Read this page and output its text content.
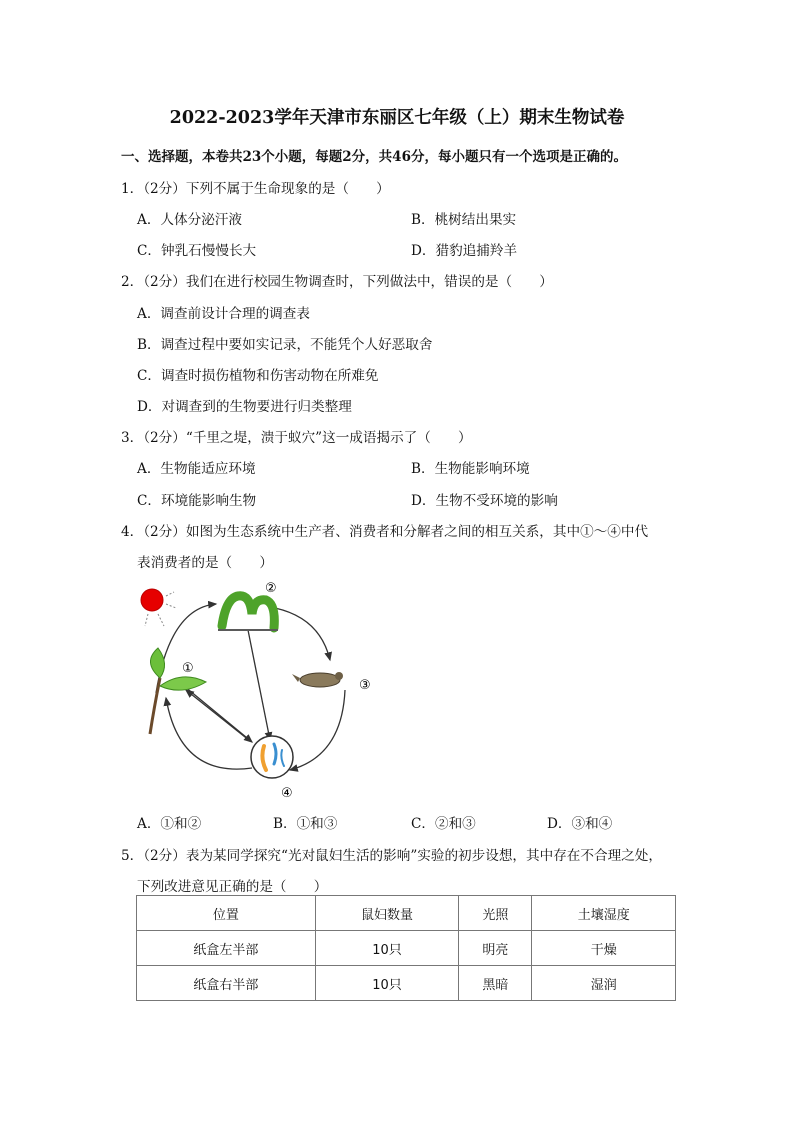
2022-2023学年天津市东丽区七年级（上）期末生物试卷
一、选择题，本卷共23个小题，每题2分，共46分，每小题只有一个选项是正确的。
1．（2分）下列不属于生命现象的是（　　）
A．人体分泌汗液	B．桃树结出果实
C．钟乳石慢慢长大	D．猎豹追捕羚羊
2．（2分）我们在进行校园生物调查时，下列做法中，错误的是（　　）
A．调查前设计合理的调查表
B．调查过程中要如实记录，不能凭个人好恶取舍
C．调查时损伤植物和伤害动物在所难免
D．对调查到的生物要进行归类整理
3．（2分）“千里之堤，溃于蚁穴”这一成语揭示了（　　）
A．生物能适应环境	B．生物能影响环境
C．环境能影响生物	D．生物不受环境的影响
4．（2分）如图为生态系统中生产者、消费者和分解者之间的相互关系，其中①～④中代
表消费者的是（　　）
①
②
③
④
A．①和②	B．①和③	C．②和③	D．③和④
5．（2分）表为某同学探究“光对鼠妇生活的影响”实验的初步设想，其中存在不合理之处，
下列改进意见正确的是（　　）
位置	鼠妇数量	光照	土壤湿度
纸盒左半部	10只	明亮	干燥
纸盒右半部	10只	黑暗	湿润
